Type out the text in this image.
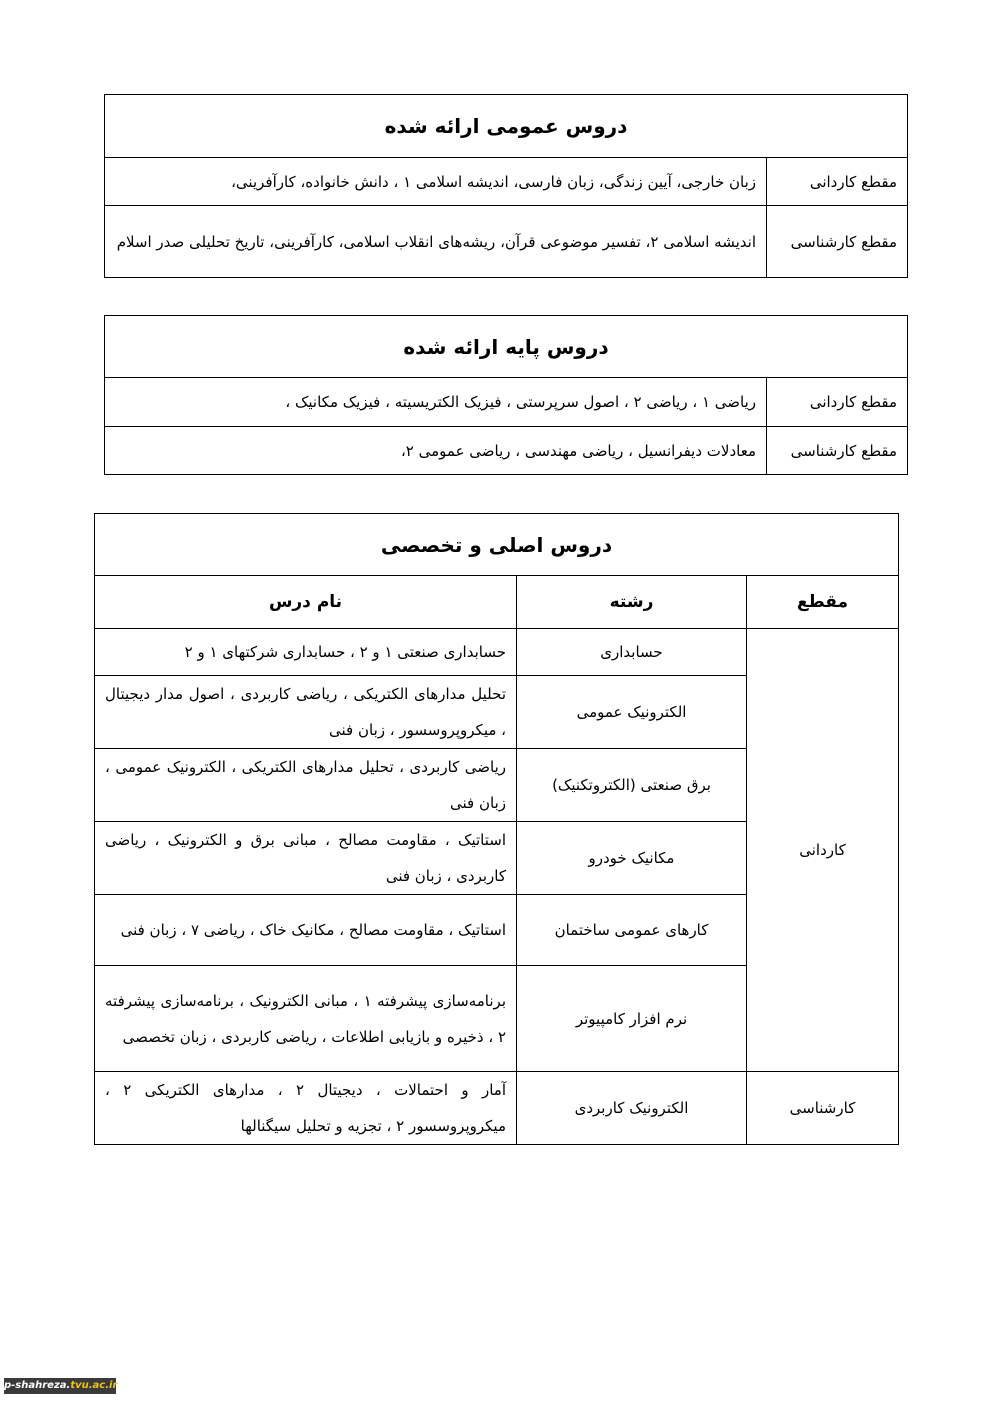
دروس عمومی ارائه شده	
مقطع کاردانی	زبان خارجی، آیین زندگی، زبان فارسی، اندیشه اسلامی ۱ ، دانش خانواده، کارآفرینی،
مقطع کارشناسی	اندیشه اسلامی ۲، تفسیر موضوعی قرآن، ریشه‌های انقلاب اسلامی، کارآفرینی، تاریخ تحلیلی صدر اسلام
دروس پایه ارائه شده	
مقطع کاردانی	ریاضی ۱ ، ریاضی ۲ ، اصول سرپرستی ، فیزیک الکتریسیته ، فیزیک مکانیک ،
مقطع کارشناسی	معادلات دیفرانسیل ، ریاضی مهندسی ، ریاضی عمومی ۲،
دروس اصلی و تخصصی		
مقطع	رشته	نام درس
کاردانی	حسابداری	حسابداری صنعتی ۱ و ۲ ، حسابداری شرکتهای ۱ و ۲
	الکترونیک عمومی	تحلیل مدارهای الکتریکی ، ریاضی کاربردی ، اصول مدار دیجیتال ، میکروپروسسور ، زبان فنی
	برق صنعتی (الکتروتکنیک)	ریاضی کاربردی ، تحلیل مدارهای الکتریکی ، الکترونیک عمومی ، زبان فنی
	مکانیک خودرو	استاتیک ، مقاومت مصالح ، مبانی برق و الکترونیک ، ریاضی کاربردی ، زبان فنی
	کارهای عمومی ساختمان	استاتیک ، مقاومت مصالح ، مکانیک خاک ، ریاضی ۷ ، زبان فنی
	نرم افزار کامپیوتر	برنامه‌سازی پیشرفته ۱ ، مبانی الکترونیک ، برنامه‌سازی پیشرفته ۲ ، ذخیره و بازیابی اطلاعات ، ریاضی کاربردی ، زبان تخصصی
کارشناسی	الکترونیک کاربردی	آمار و احتمالات ، دیجیتال ۲ ، مدارهای الکتریکی ۲ ، میکروپروسسور ۲ ، تجزیه و تحلیل سیگنالها
p-shahreza.tvu.ac.ir
